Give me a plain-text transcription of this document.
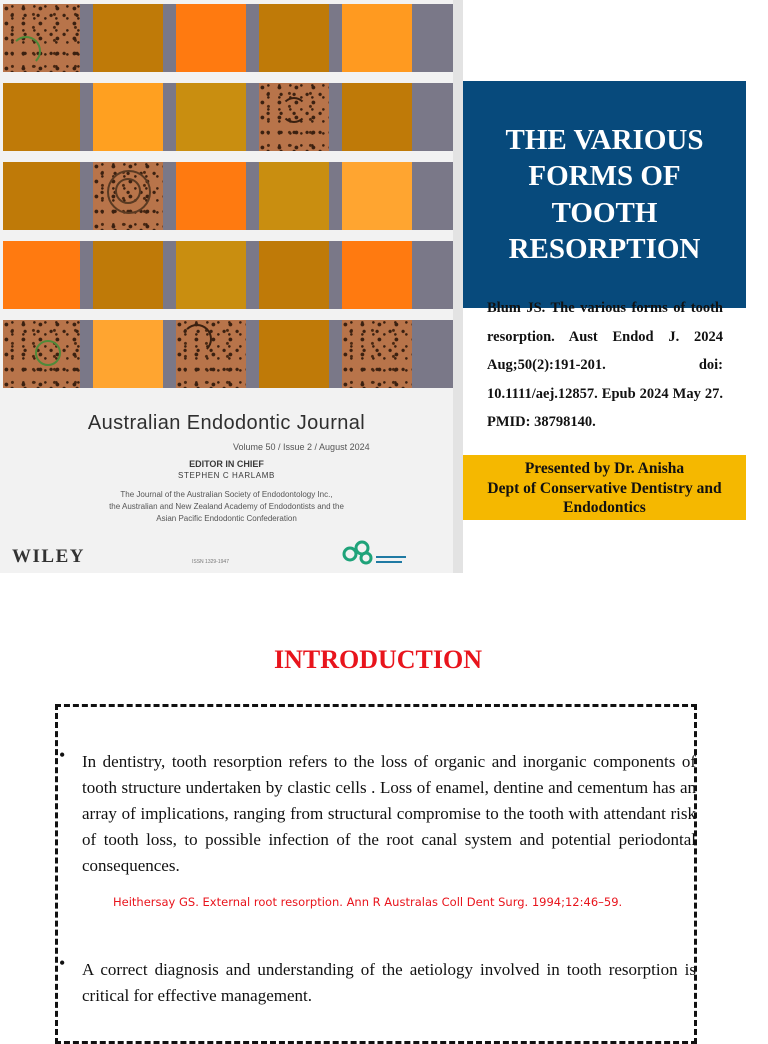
Australian Endodontic Journal
Volume 50 / Issue 2 / August 2024
EDITOR IN CHIEF
STEPHEN C HARLAMB
The Journal of the Australian Society of Endodontology Inc.,
the Australian and New Zealand Academy of Endodontists and the
Asian Pacific Endodontic Confederation
WILEY	ISSN 1329-1947
THE VARIOUS FORMS OF TOOTH RESORPTION

Blum JS. The various forms of tooth resorption. Aust Endod J. 2024 Aug;50(2):191-201. doi: 10.1111/aej.12857. Epub 2024 May 27. PMID: 38798140.

Presented by Dr. Anisha
Dept of Conservative Dentistry and Endodontics
INTRODUCTION
• In dentistry, tooth resorption refers to the loss of organic and inorganic components of tooth structure undertaken by clastic cells . Loss of enamel, dentine and cementum has an array of implications, ranging from structural compromise to the tooth with attendant risk of tooth loss, to possible infection of the root canal system and potential periodontal consequences.

Heithersay GS. External root resorption. Ann R Australas Coll Dent Surg. 1994;12:46–59.

• A correct diagnosis and understanding of the aetiology involved in tooth resorption is critical for effective management.
